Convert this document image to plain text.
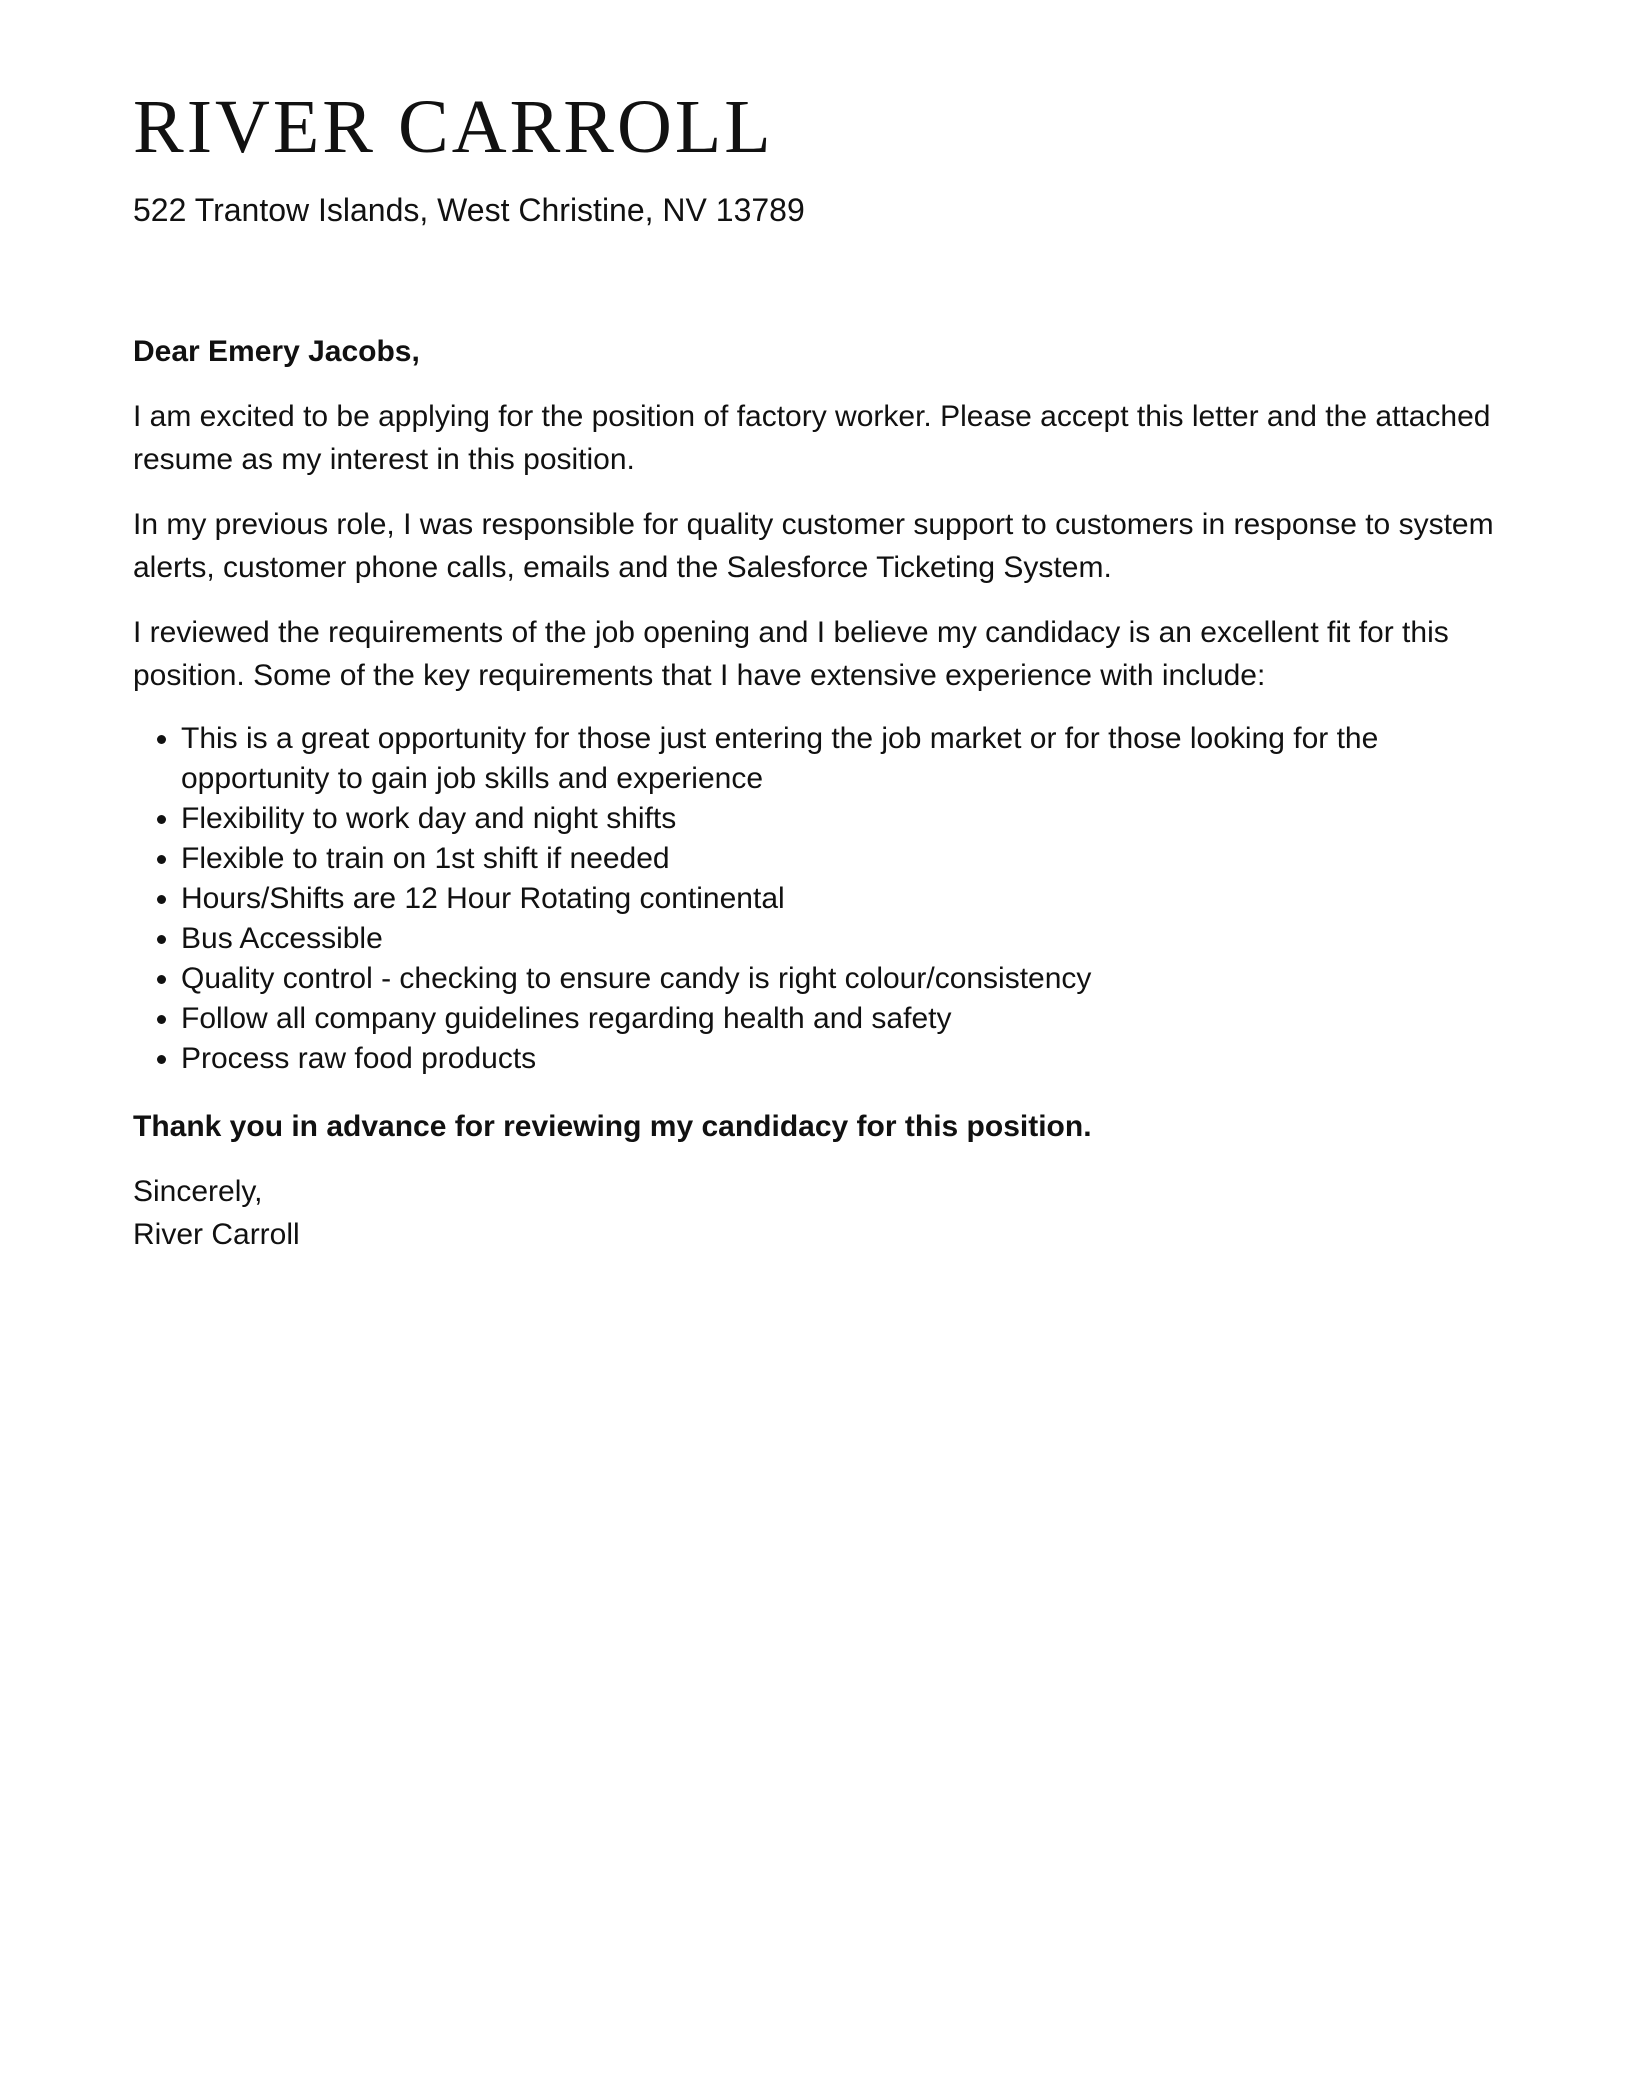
RIVER CARROLL

522 Trantow Islands, West Christine, NV 13789

Dear Emery Jacobs,

I am excited to be applying for the position of factory worker. Please accept this letter and the attached resume as my interest in this position.

In my previous role, I was responsible for quality customer support to customers in response to system alerts, customer phone calls, emails and the Salesforce Ticketing System.

I reviewed the requirements of the job opening and I believe my candidacy is an excellent fit for this position. Some of the key requirements that I have extensive experience with include:

• This is a great opportunity for those just entering the job market or for those looking for the opportunity to gain job skills and experience
• Flexibility to work day and night shifts
• Flexible to train on 1st shift if needed
• Hours/Shifts are 12 Hour Rotating continental
• Bus Accessible
• Quality control - checking to ensure candy is right colour/consistency
• Follow all company guidelines regarding health and safety
• Process raw food products

Thank you in advance for reviewing my candidacy for this position.

Sincerely,

River Carroll
